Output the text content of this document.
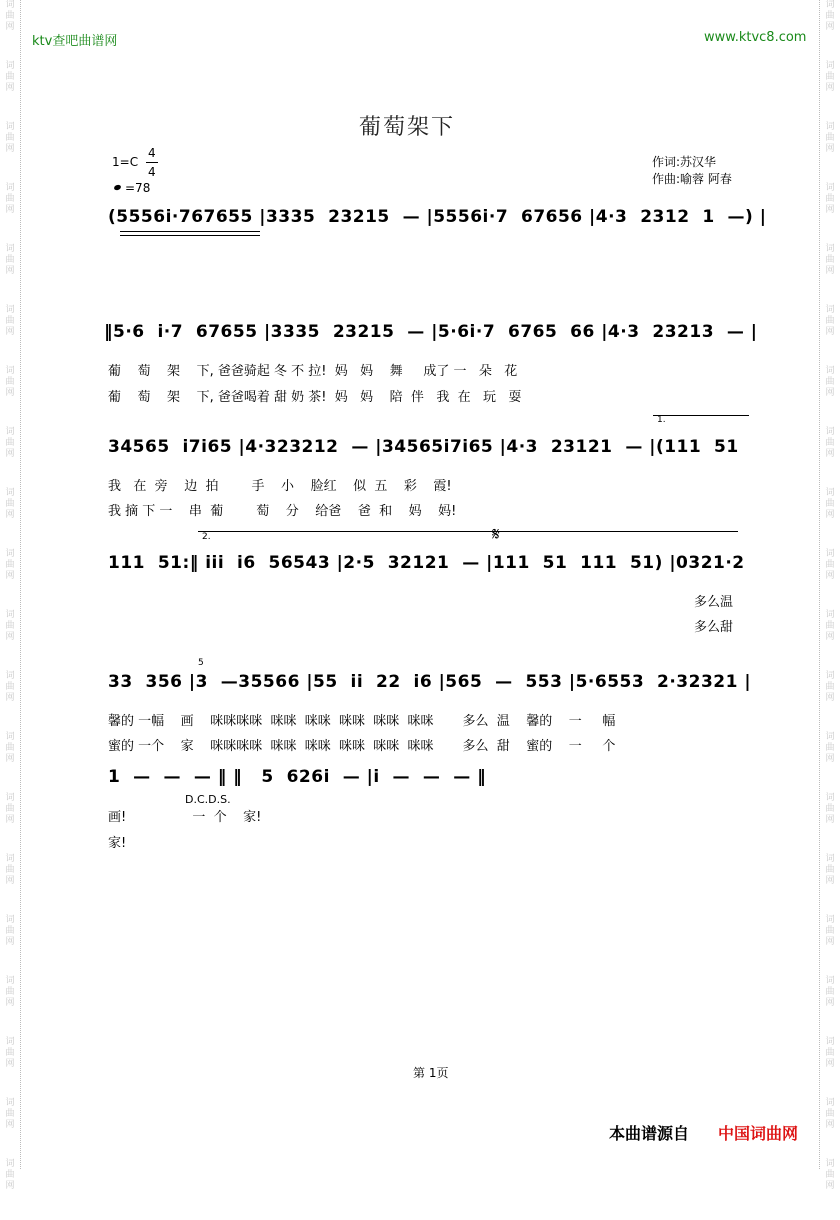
词
曲
网
词
曲
网
词
曲
网
词
曲
网
词
曲
网
词
曲
网
词
曲
网
词
曲
网
词
曲
网
词
曲
网
词
曲
网
词
曲
网
词
曲
网
词
曲
网
词
曲
网
词
曲
网
词
曲
网
词
曲
网
词
曲
网
词
曲
网
词
曲
网
词
曲
网
词
曲
网
词
曲
网
词
曲
网
词
曲
网
词
曲
网
词
曲
网
词
曲
网
词
曲
网
词
曲
网
词
曲
网
词
曲
网
词
曲
网
词
曲
网
词
曲
网
词
曲
网
词
曲
网
词
曲
网
词
曲
网
ktv查吧曲谱网	www.ktvc8.com
葡萄架下
1=C
4
4
=78
作词:苏汉华
作曲:喻蓉 阿春
(5556i·767655 |3335  23215  — |5556i·7  67656 |4·3  2312  1  —) |
‖5·6  i·7  67655 |3335  23215  — |5·6i·7  6765  66 |4·3  23213  — |
葡    萄    架    下, 爸爸骑起 冬 不 拉!  妈   妈    舞     成了 一   朵   花
葡    萄    架    下, 爸爸喝着 甜 奶 茶!  妈   妈    陪  伴   我  在   玩   耍
34565  i7i65 |4·323212  — |34565i7i65 |4·3  23121  — |(111  51
1.
我   在  旁    边  拍        手    小    脸红    似  五    彩    霞!
我 摘 下 一    串  葡        萄    分    给爸    爸  和    妈    妈!
111  51:‖ iii  i6  56543 |2·5  32121  — |111  51  111  51) |0321·2
2.	𝄋
多么温
多么甜
33  356 |3  —35566 |55  ii  22  i6 |565  —  553 |5·6553  2·32321 |
5
馨的 一幅    画    咪咪咪咪  咪咪  咪咪  咪咪  咪咪  咪咪       多么  温    馨的    一     幅
蜜的 一个    家    咪咪咪咪  咪咪  咪咪  咪咪  咪咪  咪咪       多么  甜    蜜的    一     个
1  —  —  — ‖ ‖   5  626i  — |i  —  —  — ‖
D.C.D.S.
画!                一  个    家!
家!
第 1页
本曲谱源自 中国词曲网
